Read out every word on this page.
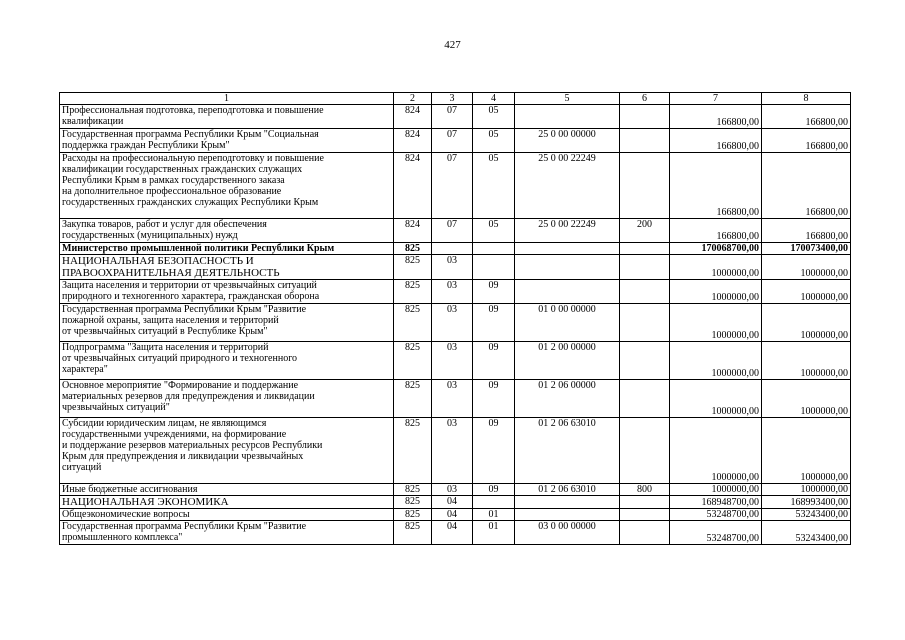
427
1	2	3	4	5	6	7	8

Профессиональная подготовка, переподготовка и повышение
квалификации	824	07	05			166800,00	166800,00

Государственная программа Республики Крым "Социальная
поддержка граждан Республики Крым"	824	07	05	25 0 00 00000		166800,00	166800,00

Расходы на профессиональную переподготовку и повышение
квалификации государственных гражданских служащих
Республики Крым в рамках государственного заказа
на дополнительное профессиональное образование
государственных гражданских служащих Республики Крым	824	07	05	25 0 00 22249		166800,00	166800,00

Закупка товаров, работ и услуг для обеспечения
государственных (муниципальных) нужд	824	07	05	25 0 00 22249	200	166800,00	166800,00

Министерство промышленной политики Республики Крым	825					170068700,00	170073400,00

НАЦИОНАЛЬНАЯ БЕЗОПАСНОСТЬ И
ПРАВООХРАНИТЕЛЬНАЯ ДЕЯТЕЛЬНОСТЬ	825	03				1000000,00	1000000,00

Защита населения и территории от чрезвычайных ситуаций
природного и техногенного характера, гражданская оборона	825	03	09			1000000,00	1000000,00

Государственная программа Республики Крым "Развитие
пожарной охраны, защита населения и территорий
от чрезвычайных ситуаций в Республике Крым"	825	03	09	01 0 00 00000		1000000,00	1000000,00

Подпрограмма "Защита населения и территорий
от чрезвычайных ситуаций природного и техногенного
характера"	825	03	09	01 2 00 00000		1000000,00	1000000,00

Основное мероприятие "Формирование и поддержание
материальных резервов для предупреждения и ликвидации
чрезвычайных ситуаций"	825	03	09	01 2 06 00000		1000000,00	1000000,00

Субсидии юридическим лицам, не являющимся
государственными учреждениями, на формирование
и поддержание резервов материальных ресурсов Республики
Крым для предупреждения и ликвидации чрезвычайных
ситуаций	825	03	09	01 2 06 63010		1000000,00	1000000,00

Иные бюджетные ассигнования	825	03	09	01 2 06 63010	800	1000000,00	1000000,00

НАЦИОНАЛЬНАЯ ЭКОНОМИКА	825	04				168948700,00	168993400,00

Общеэкономические вопросы	825	04	01			53248700,00	53243400,00

Государственная программа Республики Крым "Развитие
промышленного комплекса"	825	04	01	03 0 00 00000		53248700,00	53243400,00
